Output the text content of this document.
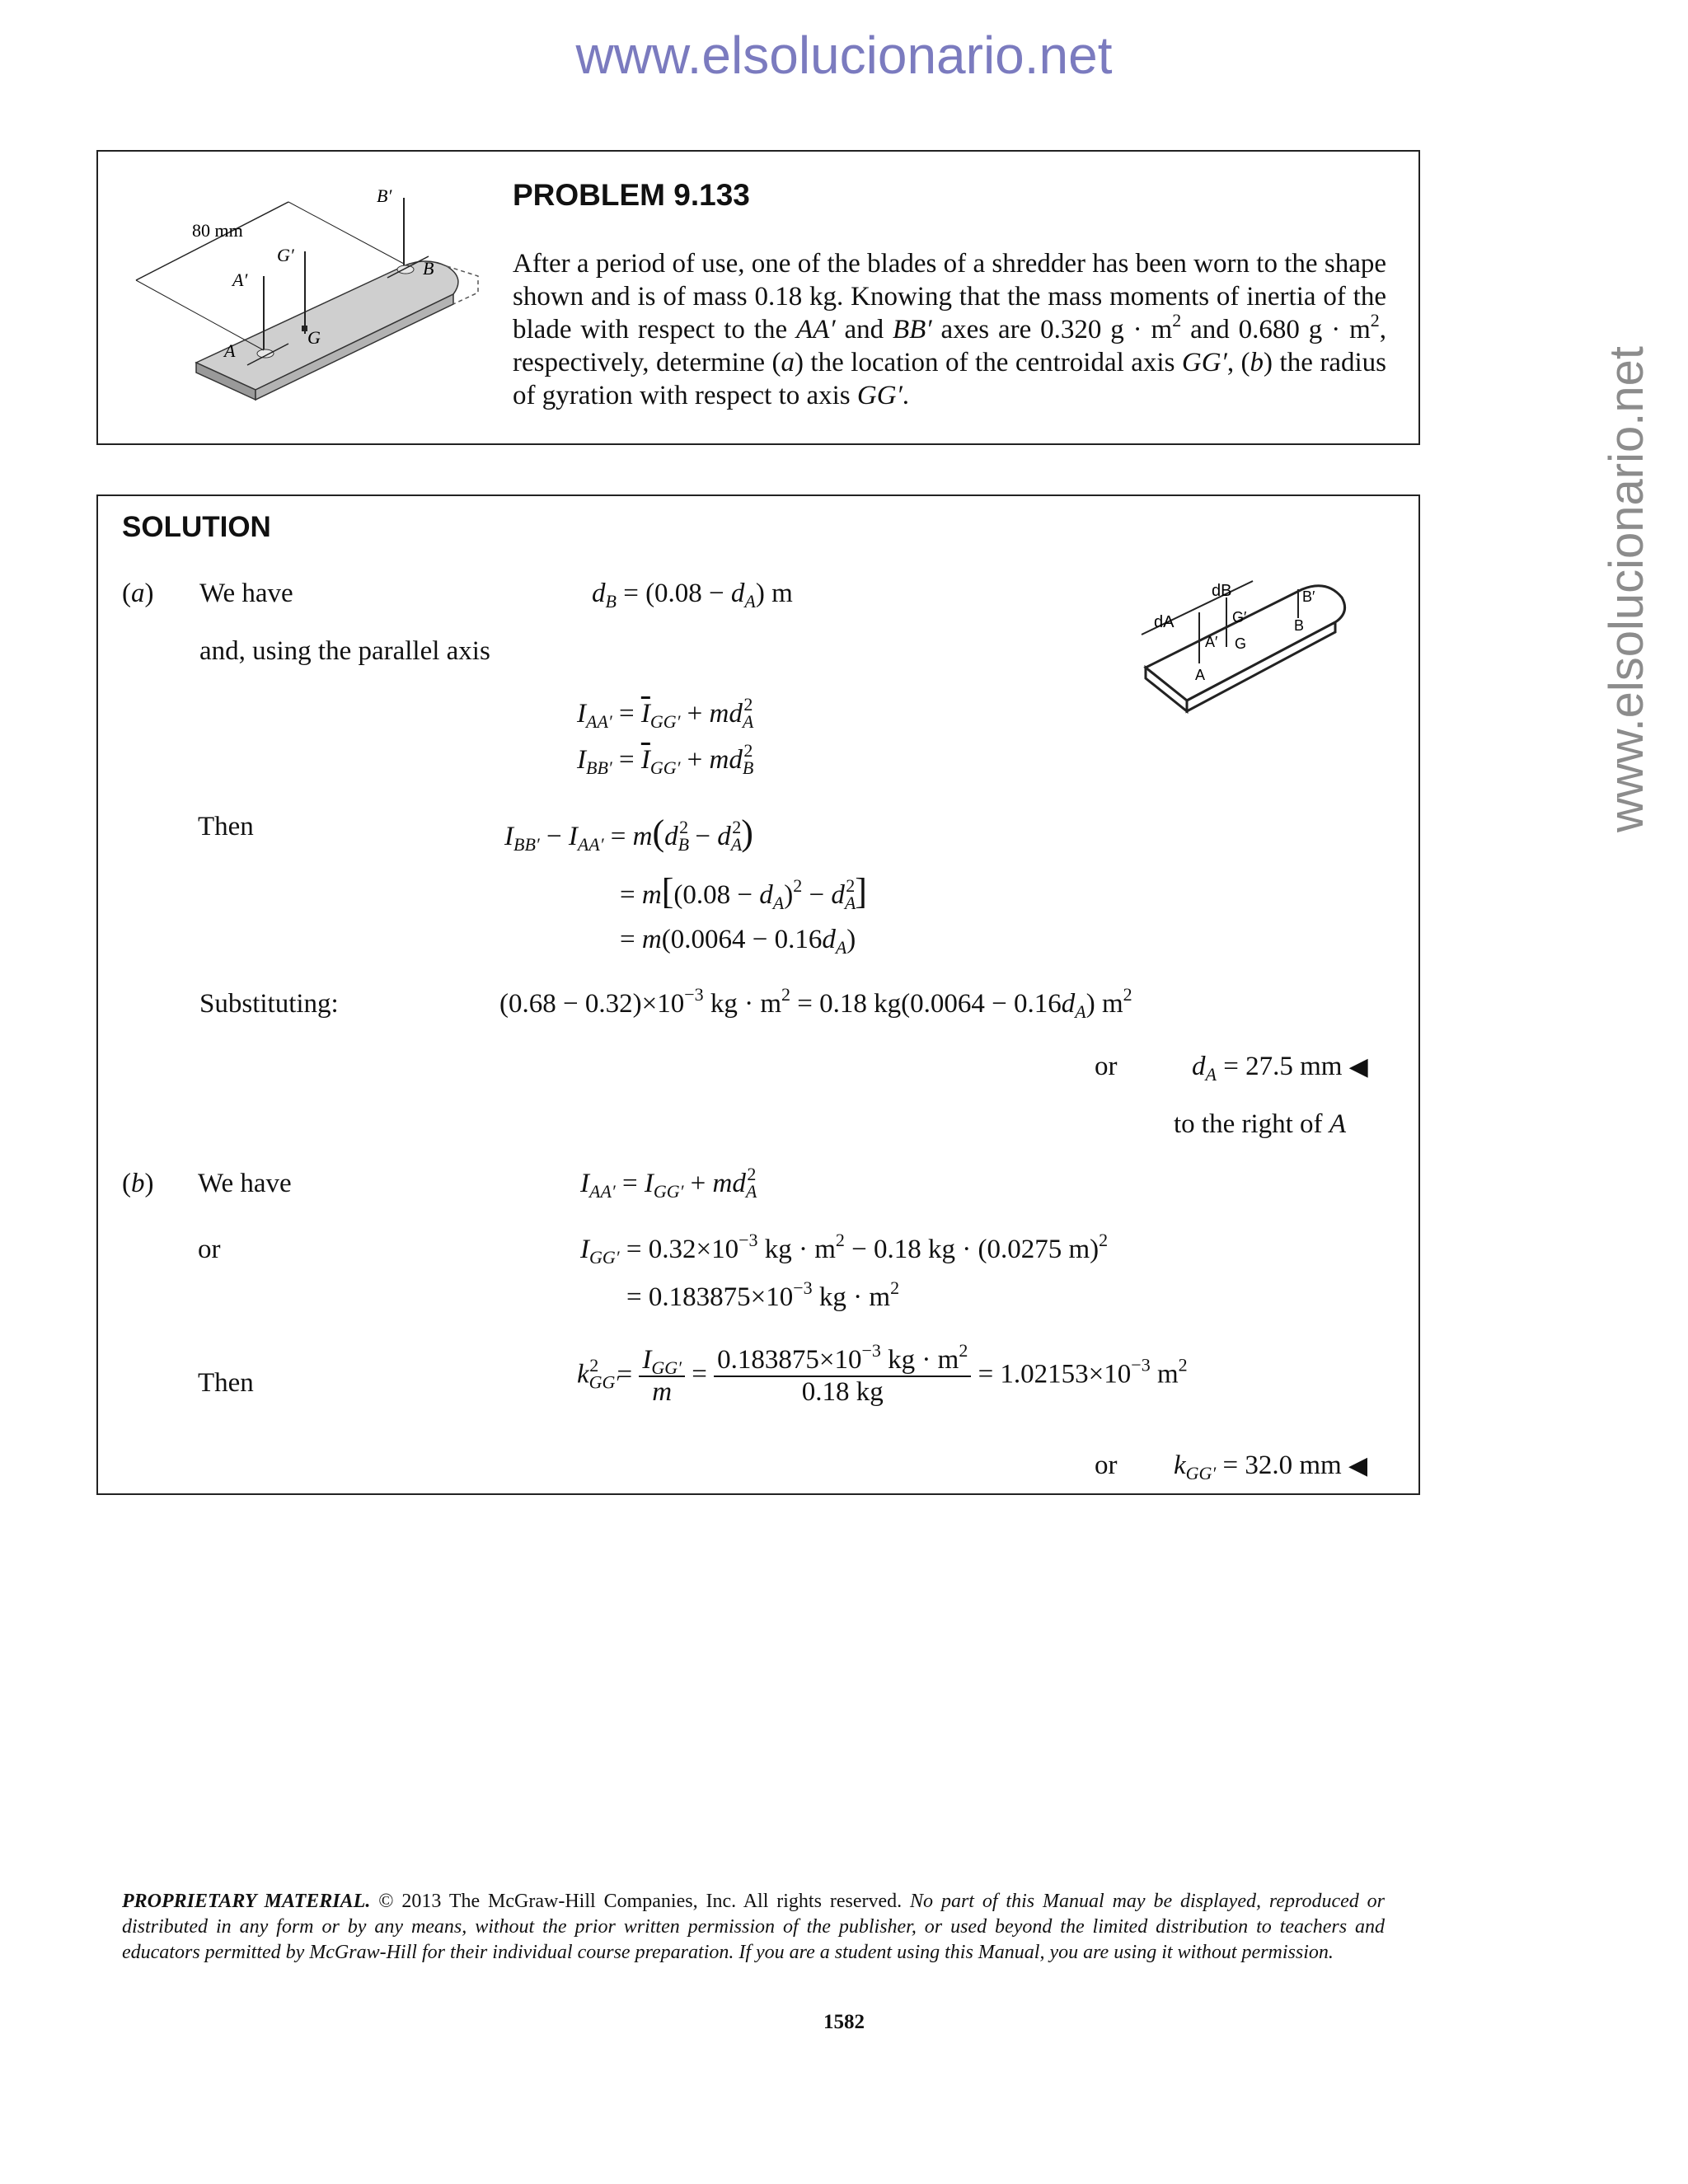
www.elsolucionario.net
www.elsolucionario.net
80 mm
A′
G′
B′
A
G
B
PROBLEM 9.133
After a period of use, one of the blades of a shredder has been worn to the shape shown and is of mass 0.18 kg. Knowing that the mass moments of inertia of the blade with respect to the AA′ and BB′ axes are 0.320 $g \cdot m^2$ and 0.680 $g \cdot m^2$, respectively, determine (a) the location of the centroidal axis GG′, (b) the radius of gyration with respect to axis GG′.
SOLUTION
dA
dB
A′
A
G′
G
B′
B
(a) We have	$d_B = (0.08 - d_A)$ m
and, using the parallel axis
$I_{AA'} = \overline{I}_{GG'} + md_A^2$
$I_{BB'} = \overline{I}_{GG'} + md_B^2$
Then	$I_{BB'} - I_{AA'} = m(d_B^2 - d_A^2)$
= $m[(0.08 - d_A)^2 - d_A^2]$
= $m(0.0064 - 0.16d_A)$
Substituting:	$(0.68 - 0.32)\times 10^{-3}$ kg · $m^2 = 0.18$ $kg(0.0064 - 0.16d_A)$ $m^2$
or	$d_A = 27.5$ mm ◀
to the right of A
(b) We have	$I_{AA'} = I_{GG'} + md_A^2$
or	$I_{GG'} = 0.32\times 10^{-3}$ kg · $m^2 - 0.18$ kg · (0.0275 m)$^2$
= $0.183875\times 10^{-3}$ kg · $m^2$
Then	$k_{GG'}^2 = \frac{I_{GG'}}{m} = \frac{0.183875\times 10^{-3} kg \cdot m^2}{0.18 kg} = 1.02153\times 10^{-3}$ $m^2$
or $k_{GG'} = 32.0$ mm ◀
PROPRIETARY MATERIAL. © 2013 The McGraw-Hill Companies, Inc. All rights reserved. No part of this Manual may be displayed, reproduced or distributed in any form or by any means, without the prior written permission of the publisher, or used beyond the limited distribution to teachers and educators permitted by McGraw-Hill for their individual course preparation. If you are a student using this Manual, you are using it without permission.
1582
